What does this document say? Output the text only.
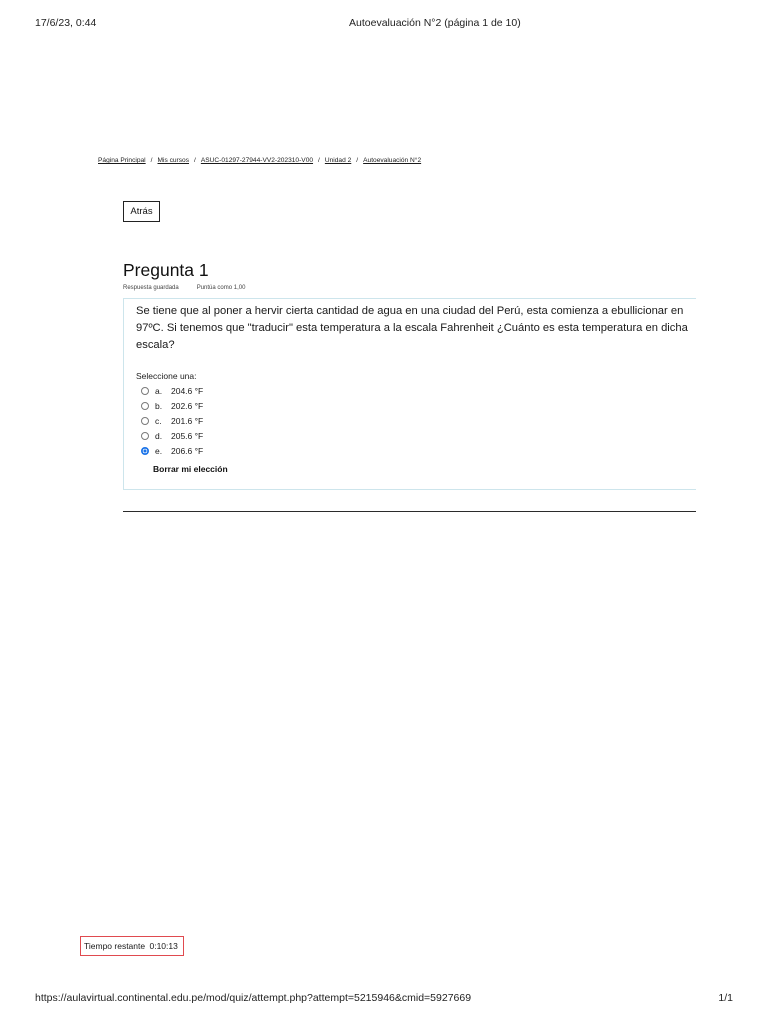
17/6/23, 0:44	Autoevaluación N°2 (página 1 de 10)
Página Principal / Mis cursos / ASUC-01297-27944-VV2-202310-V00 / Unidad 2 / Autoevaluación N°2
Atrás
Pregunta 1
Respuesta guardada	Puntúa como 1,00
Se tiene que al poner a hervir cierta cantidad de agua en una ciudad del Perú, esta comienza a ebullicionar en 97ºC. Si tenemos que "traducir" esta temperatura a la escala Fahrenheit ¿Cuánto es esta temperatura en dicha escala?
Seleccione una:
a.	204.6 °F
b.	202.6 °F
c.	201.6 °F
d.	205.6 °F
e.	206.6 °F
Borrar mi elección
Tiempo restante 0:10:13
https://aulavirtual.continental.edu.pe/mod/quiz/attempt.php?attempt=5215946&cmid=5927669	1/1
